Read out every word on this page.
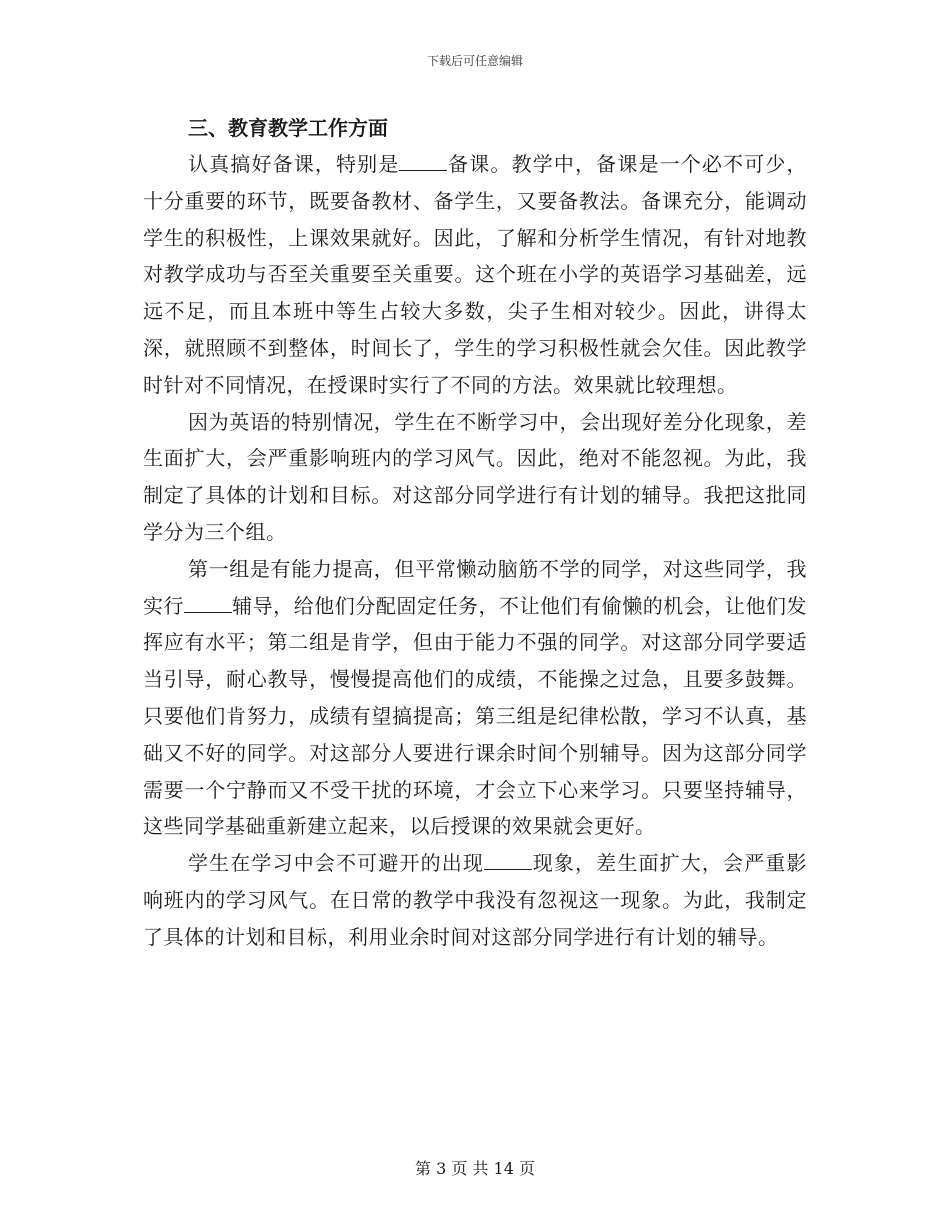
下载后可任意编辑
三、教育教学工作方面

认真搞好备课，特别是 备课。教学中，备课是一个必不可少，十分重要的环节，既要备教材、备学生，又要备教法。备课充分，能调动学生的积极性，上课效果就好。因此，了解和分析学生情况，有针对地教对教学成功与否至关重要至关重要。这个班在小学的英语学习基础差，远远不足，而且本班中等生占较大多数，尖子生相对较少。因此，讲得太深，就照顾不到整体，时间长了，学生的学习积极性就会欠佳。因此教学时针对不同情况，在授课时实行了不同的方法。效果就比较理想。

因为英语的特别情况，学生在不断学习中，会出现好差分化现象，差生面扩大，会严重影响班内的学习风气。因此，绝对不能忽视。为此，我制定了具体的计划和目标。对这部分同学进行有计划的辅导。我把这批同学分为三个组。

第一组是有能力提高，但平常懒动脑筋不学的同学，对这些同学，我实行 辅导，给他们分配固定任务，不让他们有偷懒的机会，让他们发挥应有水平；第二组是肯学，但由于能力不强的同学。对这部分同学要适当引导，耐心教导，慢慢提高他们的成绩，不能操之过急，且要多鼓舞。只要他们肯努力，成绩有望搞提高；第三组是纪律松散，学习不认真，基础又不好的同学。对这部分人要进行课余时间个别辅导。因为这部分同学需要一个宁静而又不受干扰的环境，才会立下心来学习。只要坚持辅导，这些同学基础重新建立起来，以后授课的效果就会更好。

学生在学习中会不可避开的出现 现象，差生面扩大，会严重影响班内的学习风气。在日常的教学中我没有忽视这一现象。为此，我制定了具体的计划和目标，利用业余时间对这部分同学进行有计划的辅导。

第 3 页 共 14 页
